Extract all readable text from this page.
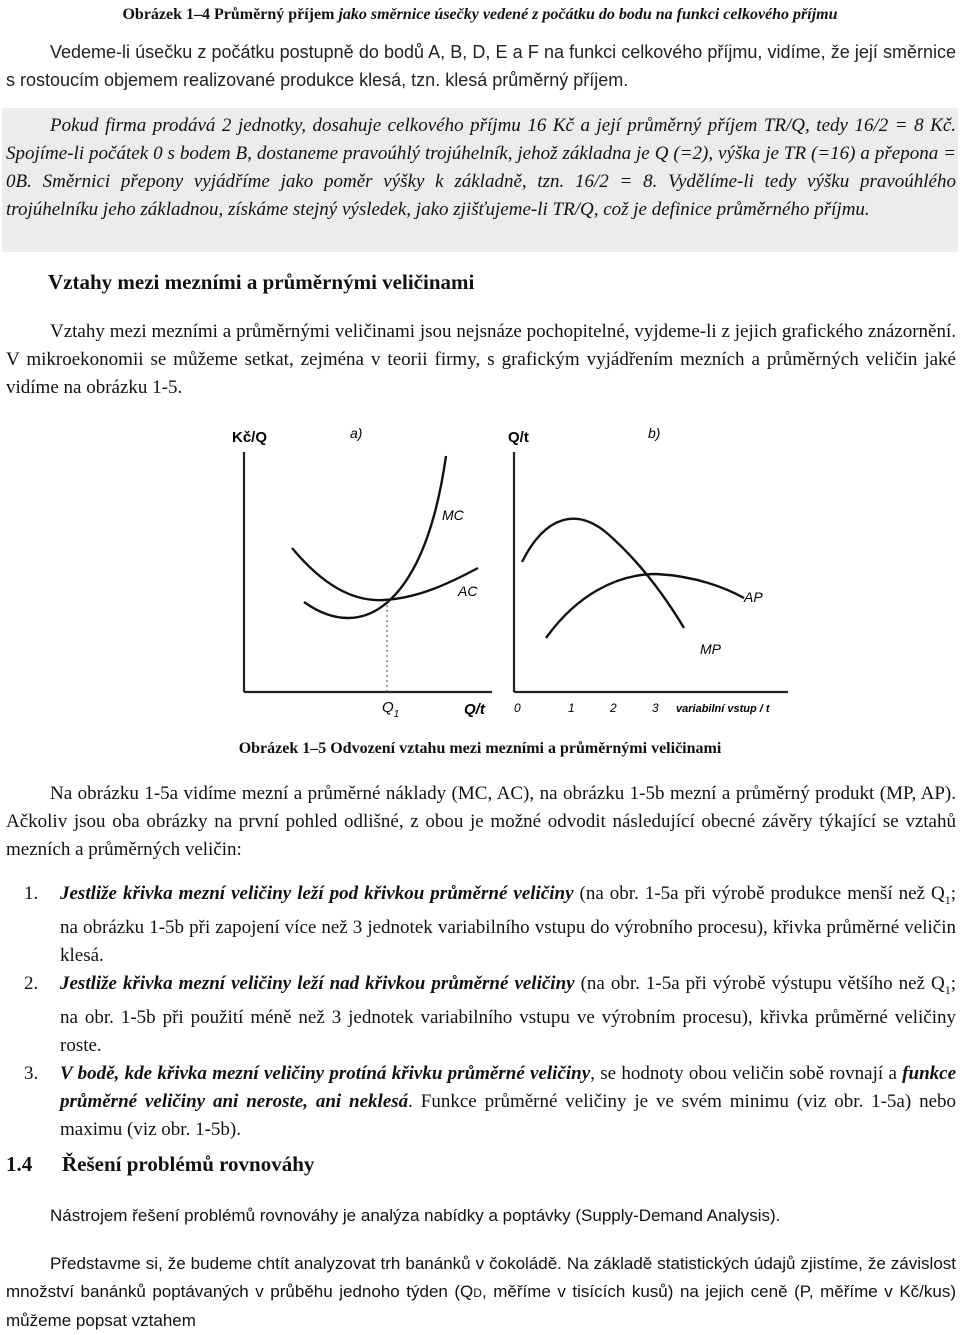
Obrázek 1–4 Průměrný příjem jako směrnice úsečky vedené z počátku do bodu na funkci celkového příjmu

Vedeme-li úsečku z počátku postupně do bodů A, B, D, E a F na funkci celkového příjmu, vidíme, že její směrnice s rostoucím objemem realizované produkce klesá, tzn. klesá průměrný příjem.

Pokud firma prodává 2 jednotky, dosahuje celkového příjmu 16 Kč a její průměrný příjem TR/Q, tedy 16/2 = 8 Kč. Spojíme-li počátek 0 s bodem B, dostaneme pravoúhlý trojúhelník, jehož základna je Q (=2), výška je TR (=16) a přepona = 0B. Směrnici přepony vyjádříme jako poměr výšky k základně, tzn. 16/2 = 8. Vydělíme-li tedy výšku pravoúhlého trojúhelníku jeho základnou, získáme stejný výsledek, jako zjišťujeme-li TR/Q, což je definice průměrného příjmu.

Vztahy mezi mezními a průměrnými veličinami

Vztahy mezi mezními a průměrnými veličinami jsou nejsnáze pochopitelné, vyjdeme-li z jejich grafického znázornění. V mikroekonomii se můžeme setkat, zejména v teorii firmy, s grafickým vyjádřením mezních a průměrných veličin jaké vidíme na obrázku 1-5.

Kč/Q	a)
MC
AC
$Q_1$	Q/t
Q/t	b)
AP
MP
0	1	2	3 variabilní vstup / t
Obrázek 1–5 Odvození vztahu mezi mezními a průměrnými veličinami

Na obrázku 1-5a vidíme mezní a průměrné náklady (MC, AC), na obrázku 1-5b mezní a průměrný produkt (MP, AP). Ačkoliv jsou oba obrázky na první pohled odlišné, z obou je možné odvodit následující obecné závěry týkající se vztahů mezních a průměrných veličin:

1. Jestliže křivka mezní veličiny leží pod křivkou průměrné veličiny (na obr. 1-5a při výrobě produkce menší než $Q_1$; na obrázku 1-5b při zapojení více než 3 jednotek variabilního vstupu do výrobního procesu), křivka průměrné veličin klesá.
2. Jestliže křivka mezní veličiny leží nad křivkou průměrné veličiny (na obr. 1-5a při výrobě výstupu většího než $Q_1$; na obr. 1-5b při použití méně než 3 jednotek variabilního vstupu ve výrobním procesu), křivka průměrné veličiny roste.
3. V bodě, kde křivka mezní veličiny protíná křivku průměrné veličiny, se hodnoty obou veličin sobě rovnají a funkce průměrné veličiny ani neroste, ani neklesá. Funkce průměrné veličiny je ve svém minimu (viz obr. 1-5a) nebo maximu (viz obr. 1-5b).
1.4 Řešení problémů rovnováhy

Nástrojem řešení problémů rovnováhy je analýza nabídky a poptávky (Supply-Demand Analysis).

Představme si, že budeme chtít analyzovat trh banánků v čokoládě. Na základě statistických údajů zjistíme, že závislost množství banánků poptávaných v průběhu jednoho týden (QD, měříme v tisících kusů) na jejich ceně (P, měříme v Kč/kus) můžeme popsat vztahem
